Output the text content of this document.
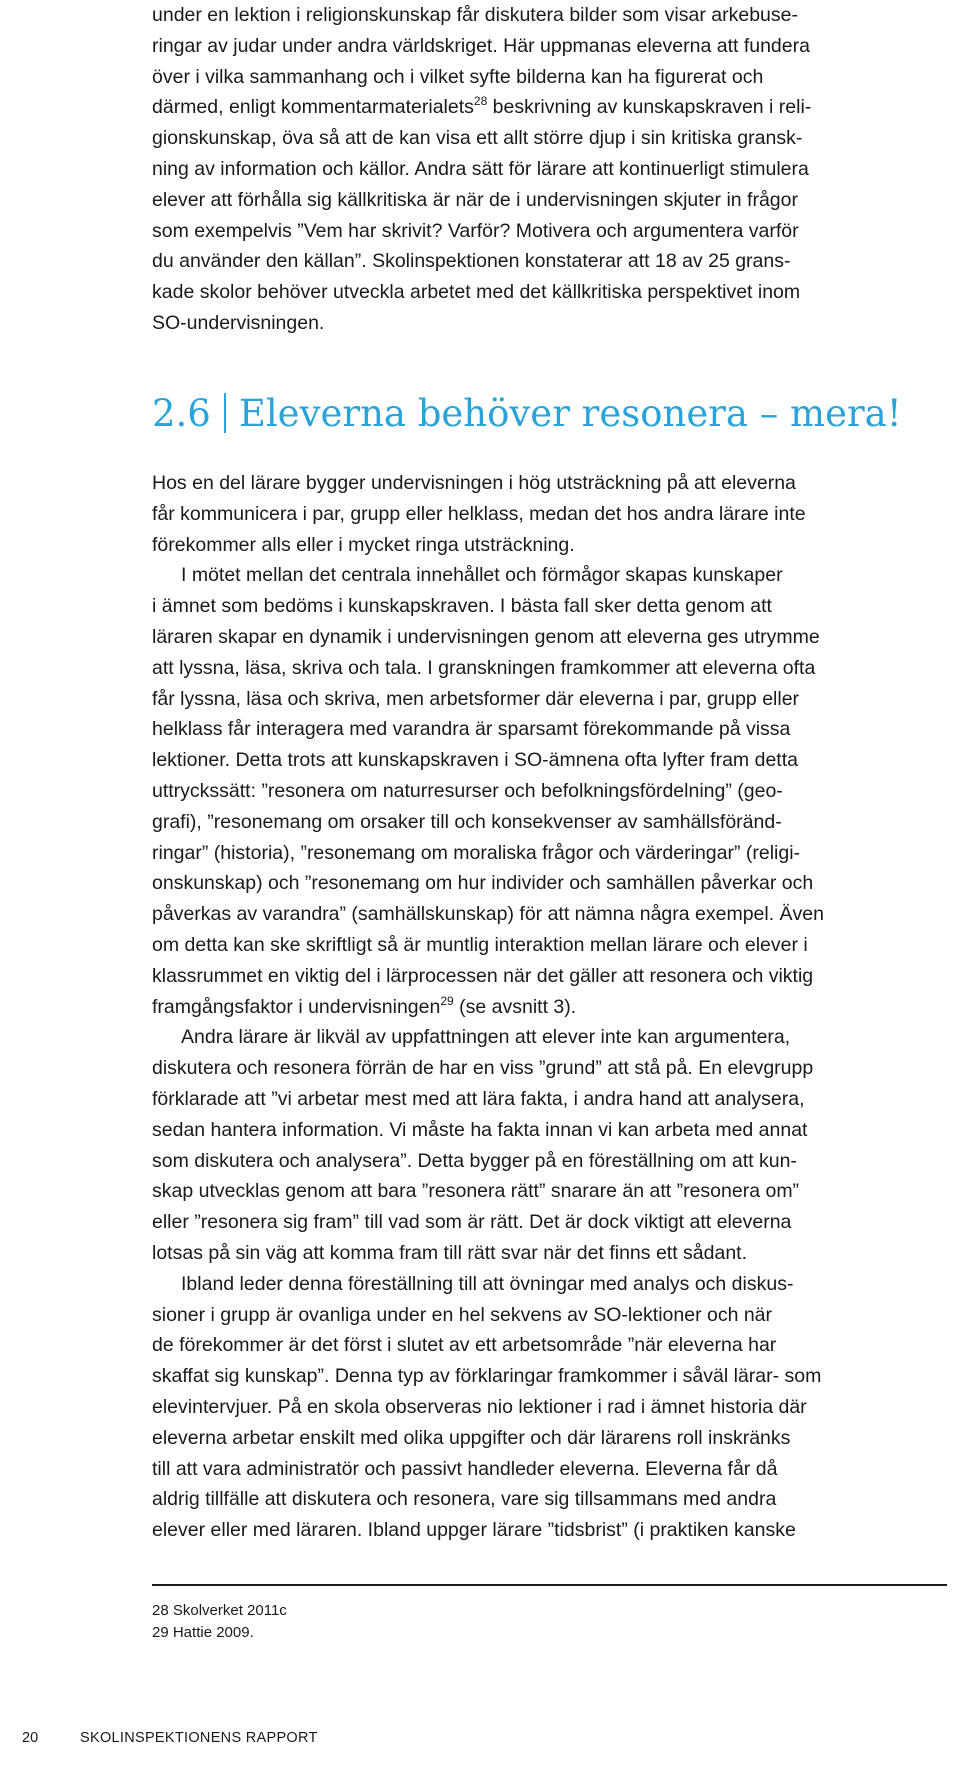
under en lektion i religionskunskap får diskutera bilder som visar arkebuse-
ringar av judar under andra världskriget. Här uppmanas eleverna att fundera
över i vilka sammanhang och i vilket syfte bilderna kan ha figurerat och
därmed, enligt kommentarmaterialets$^{28}$ beskrivning av kunskapskraven i reli-
gionskunskap, öva så att de kan visa ett allt större djup i sin kritiska gransk-
ning av information och källor. Andra sätt för lärare att kontinuerligt stimulera
elever att förhålla sig källkritiska är när de i undervisningen skjuter in frågor
som exempelvis ”Vem har skrivit? Varför? Motivera och argumentera varför
du använder den källan”. Skolinspektionen konstaterar att 18 av 25 grans-
kade skolor behöver utveckla arbetet med det källkritiska perspektivet inom
SO-undervisningen.
2.6 Eleverna behöver resonera – mera!
Hos en del lärare bygger undervisningen i hög utsträckning på att eleverna
får kommunicera i par, grupp eller helklass, medan det hos andra lärare inte
förekommer alls eller i mycket ringa utsträckning.
I mötet mellan det centrala innehållet och förmågor skapas kunskaper
i ämnet som bedöms i kunskapskraven. I bästa fall sker detta genom att
läraren skapar en dynamik i undervisningen genom att eleverna ges utrymme
att lyssna, läsa, skriva och tala. I granskningen framkommer att eleverna ofta
får lyssna, läsa och skriva, men arbetsformer där eleverna i par, grupp eller
helklass får interagera med varandra är sparsamt förekommande på vissa
lektioner. Detta trots att kunskapskraven i SO-ämnena ofta lyfter fram detta
uttryckssätt: ”resonera om naturresurser och befolkningsfördelning” (geo-
grafi), ”resonemang om orsaker till och konsekvenser av samhällsföränd-
ringar” (historia), ”resonemang om moraliska frågor och värderingar” (religi-
onskunskap) och ”resonemang om hur individer och samhällen påverkar och
påverkas av varandra” (samhällskunskap) för att nämna några exempel. Även
om detta kan ske skriftligt så är muntlig interaktion mellan lärare och elever i
klassrummet en viktig del i lärprocessen när det gäller att resonera och viktig
framgångsfaktor i undervisningen$^{29}$ (se avsnitt 3).
Andra lärare är likväl av uppfattningen att elever inte kan argumentera,
diskutera och resonera förrän de har en viss ”grund” att stå på. En elevgrupp
förklarade att ”vi arbetar mest med att lära fakta, i andra hand att analysera,
sedan hantera information. Vi måste ha fakta innan vi kan arbeta med annat
som diskutera och analysera”. Detta bygger på en föreställning om att kun-
skap utvecklas genom att bara ”resonera rätt” snarare än att ”resonera om”
eller ”resonera sig fram” till vad som är rätt. Det är dock viktigt att eleverna
lotsas på sin väg att komma fram till rätt svar när det finns ett sådant.
Ibland leder denna föreställning till att övningar med analys och diskus-
sioner i grupp är ovanliga under en hel sekvens av SO-lektioner och när
de förekommer är det först i slutet av ett arbetsområde ”när eleverna har
skaffat sig kunskap”. Denna typ av förklaringar framkommer i såväl lärar- som
elevintervjuer. På en skola observeras nio lektioner i rad i ämnet historia där
eleverna arbetar enskilt med olika uppgifter och där lärarens roll inskränks
till att vara administratör och passivt handleder eleverna. Eleverna får då
aldrig tillfälle att diskutera och resonera, vare sig tillsammans med andra
elever eller med läraren. Ibland uppger lärare ”tidsbrist” (i praktiken kanske
28 Skolverket 2011c
29 Hattie 2009.
20	SKOLINSPEKTIONENS RAPPORT
